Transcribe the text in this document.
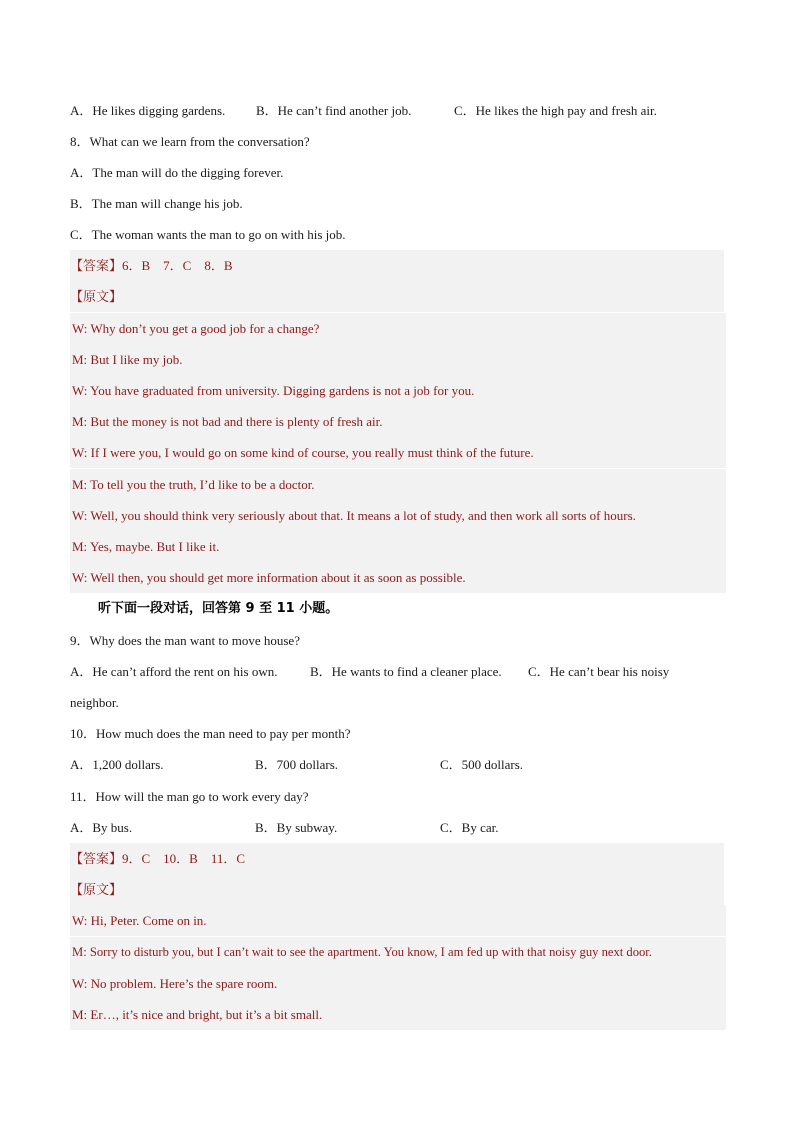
A．He likes digging gardens. B．He can’t find another job.	C．He likes the high pay and fresh air.
8．What can we learn from the conversation?
A．The man will do the digging forever.
B．The man will change his job.
C．The woman wants the man to go on with his job.
【答案】6．B　7．C　8．B
【原文】
W: Why don’t you get a good job for a change?
M: But I like my job.
W: You have graduated from university. Digging gardens is not a job for you.
M: But the money is not bad and there is plenty of fresh air.
W: If I were you, I would go on some kind of course, you really must think of the future.
M: To tell you the truth, I’d like to be a doctor.
W: Well, you should think very seriously about that. It means a lot of study, and then work all sorts of hours.
M: Yes, maybe. But I like it.
W: Well then, you should get more information about it as soon as possible.
听下面一段对话，回答第 9 至 11 小题。
9．Why does the man want to move house?
A．He can’t afford the rent on his own.	B．He wants to find a cleaner place. C．He can’t bear his noisy
neighbor.
10．How much does the man need to pay per month?
A．1,200 dollars.	B．700 dollars.	C．500 dollars.
11．How will the man go to work every day?
A．By bus.	B．By subway.	C．By car.
【答案】9．C　10．B　11．C
【原文】
W: Hi, Peter. Come on in.
M: Sorry to disturb you, but I can’t wait to see the apartment. You know, I am fed up with that noisy guy next door.
W: No problem. Here’s the spare room.
M: Er…, it’s nice and bright, but it’s a bit small.
